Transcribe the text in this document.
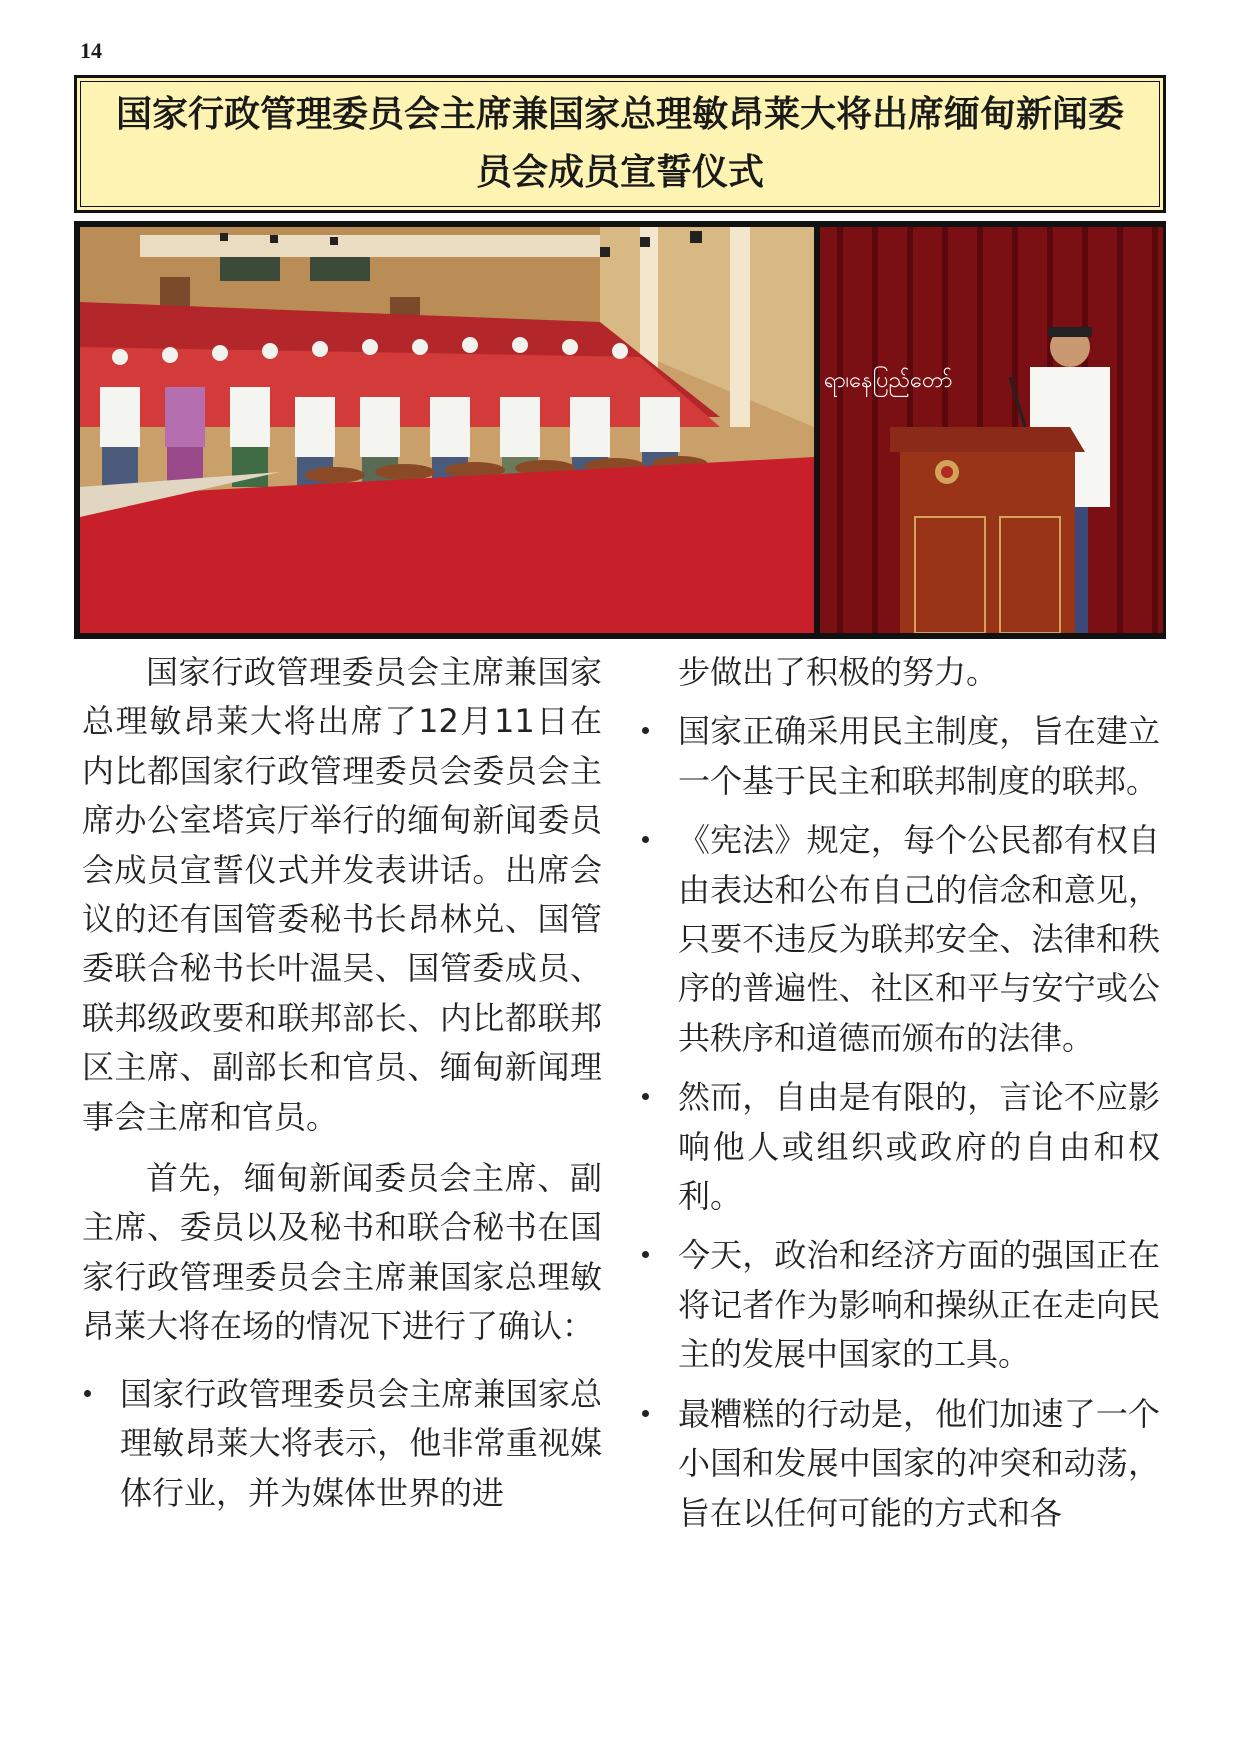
14
国家行政管理委员会主席兼国家总理敏昂莱大将出席缅甸新闻委员会成员宣誓仪式
ရာ၊နေပြည်တော်

国家行政管理委员会主席兼国家总理敏昂莱大将出席了12月11日在内比都国家行政管理委员会委员会主席办公室塔宾厅举行的缅甸新闻委员会成员宣誓仪式并发表讲话。出席会议的还有国管委秘书长昂林兑、国管委联合秘书长叶温吴、国管委成员、联邦级政要和联邦部长、内比都联邦区主席、副部长和官员、缅甸新闻理事会主席和官员。

首先，缅甸新闻委员会主席、副主席、委员以及秘书和联合秘书在国家行政管理委员会主席兼国家总理敏昂莱大将在场的情况下进行了确认：

国家行政管理委员会主席兼国家总理敏昂莱大将表示，他非常重视媒体行业，并为媒体世界的进

步做出了积极的努力。

国家正确采用民主制度，旨在建立一个基于民主和联邦制度的联邦。
《宪法》规定，每个公民都有权自由表达和公布自己的信念和意见，只要不违反为联邦安全、法律和秩序的普遍性、社区和平与安宁或公共秩序和道德而颁布的法律。
然而，自由是有限的，言论不应影响他人或组织或政府的自由和权利。
今天，政治和经济方面的强国正在将记者作为影响和操纵正在走向民主的发展中国家的工具。
最糟糕的行动是，他们加速了一个小国和发展中国家的冲突和动荡，旨在以任何可能的方式和各
